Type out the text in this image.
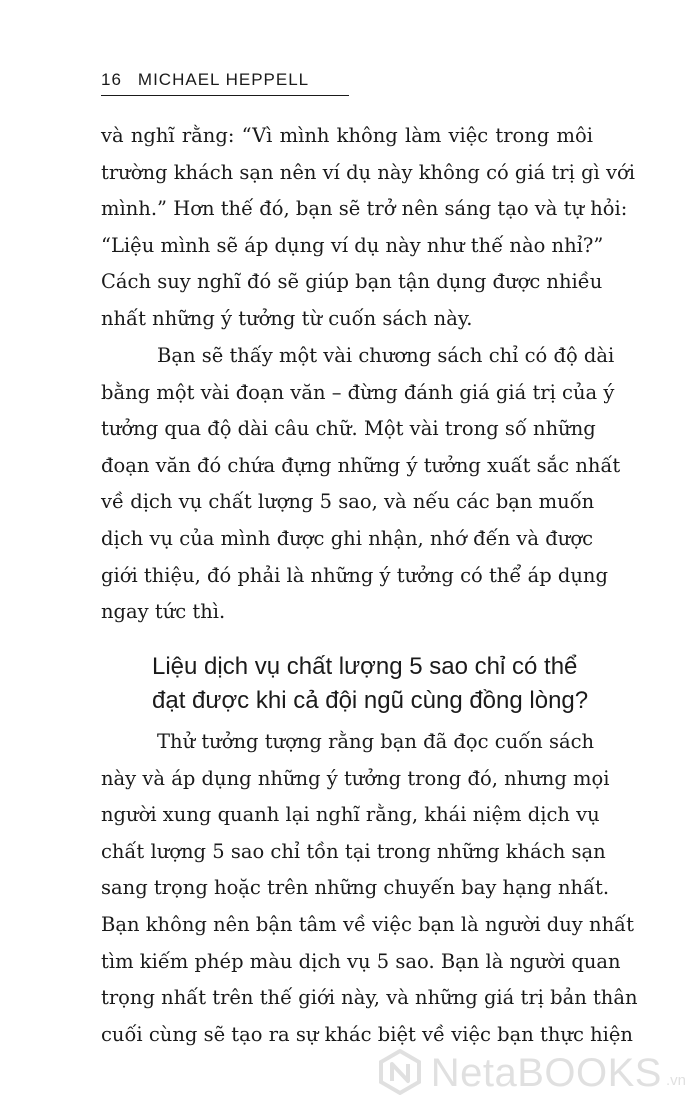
16 MICHAEL HEPPELL
và nghĩ rằng: “Vì mình không làm việc trong môi
trường khách sạn nên ví dụ này không có giá trị gì với
mình.” Hơn thế đó, bạn sẽ trở nên sáng tạo và tự hỏi:
“Liệu mình sẽ áp dụng ví dụ này như thế nào nhỉ?”
Cách suy nghĩ đó sẽ giúp bạn tận dụng được nhiều
nhất những ý tưởng từ cuốn sách này.
Bạn sẽ thấy một vài chương sách chỉ có độ dài
bằng một vài đoạn văn – đừng đánh giá giá trị của ý
tưởng qua độ dài câu chữ. Một vài trong số những
đoạn văn đó chứa đựng những ý tưởng xuất sắc nhất
về dịch vụ chất lượng 5 sao, và nếu các bạn muốn
dịch vụ của mình được ghi nhận, nhớ đến và được
giới thiệu, đó phải là những ý tưởng có thể áp dụng
ngay tức thì.
Liệu dịch vụ chất lượng 5 sao chỉ có thể
đạt được khi cả đội ngũ cùng đồng lòng?
Thử tưởng tượng rằng bạn đã đọc cuốn sách
này và áp dụng những ý tưởng trong đó, nhưng mọi
người xung quanh lại nghĩ rằng, khái niệm dịch vụ
chất lượng 5 sao chỉ tồn tại trong những khách sạn
sang trọng hoặc trên những chuyến bay hạng nhất.
Bạn không nên bận tâm về việc bạn là người duy nhất
tìm kiếm phép màu dịch vụ 5 sao. Bạn là người quan
trọng nhất trên thế giới này, và những giá trị bản thân
cuối cùng sẽ tạo ra sự khác biệt về việc bạn thực hiện
NetaBOOKS .vn
